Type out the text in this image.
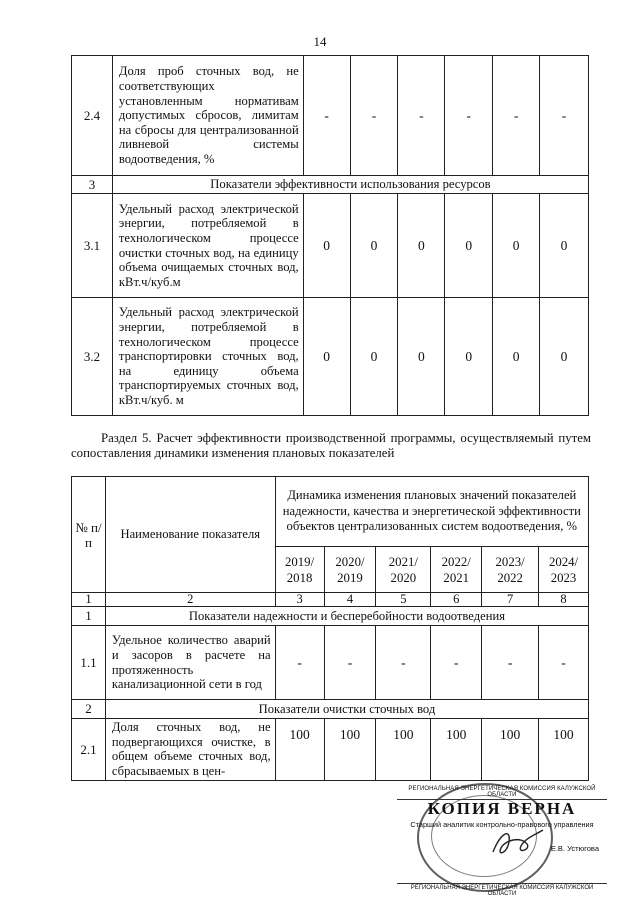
14
2.4	Доля проб сточных вод, не соответствующих установленным нормативам допустимых сбросов, лимитам на сбросы для централизованной ливневой системы водоотведения, %	-	-	-	-	-	-
3	Показатели эффективности использования ресурсов						
3.1	Удельный расход электрической энергии, потребляемой в технологическом процессе очистки сточных вод, на единицу объема очищаемых сточных вод, кВт.ч/куб.м	0	0	0	0	0	0
3.2	Удельный расход электрической энергии, потребляемой в технологическом процессе транспортировки сточных вод, на единицу объема транспортируемых сточных вод, кВт.ч/куб. м	0	0	0	0	0	0
Раздел 5. Расчет эффективности производственной программы, осуществляемый путем сопоставления динамики изменения плановых показателей
№ п/п	Наименование показателя	Динамика изменения плановых значений показателей надежности, качества и энергетической эффективности объектов централизованных систем водоотведения, %					
		2019/ 2018	2020/ 2019	2021/ 2020	2022/ 2021	2023/ 2022	2024/ 2023
1	2	3	4	5	6	7	8
1	Показатели надежности и бесперебойности водоотведения						
1.1	Удельное количество аварий и засоров в расчете на протяженность канализационной сети в год	-	-	-	-	-	-
2	Показатели очистки сточных вод						
2.1	Доля сточных вод, не подвергающихся очистке, в общем объеме сточных вод, сбрасываемых в цен-	100	100	100	100	100	100
РЕГИОНАЛЬНАЯ ЭНЕРГЕТИЧЕСКАЯ КОМИССИЯ КАЛУЖСКОЙ ОБЛАСТИ
КОПИЯ ВЕРНА
Старший аналитик контрольно-правового управления
Е.В. Устюгова
РЕГИОНАЛЬНАЯ ЭНЕРГЕТИЧЕСКАЯ КОМИССИЯ КАЛУЖСКОЙ ОБЛАСТИ
